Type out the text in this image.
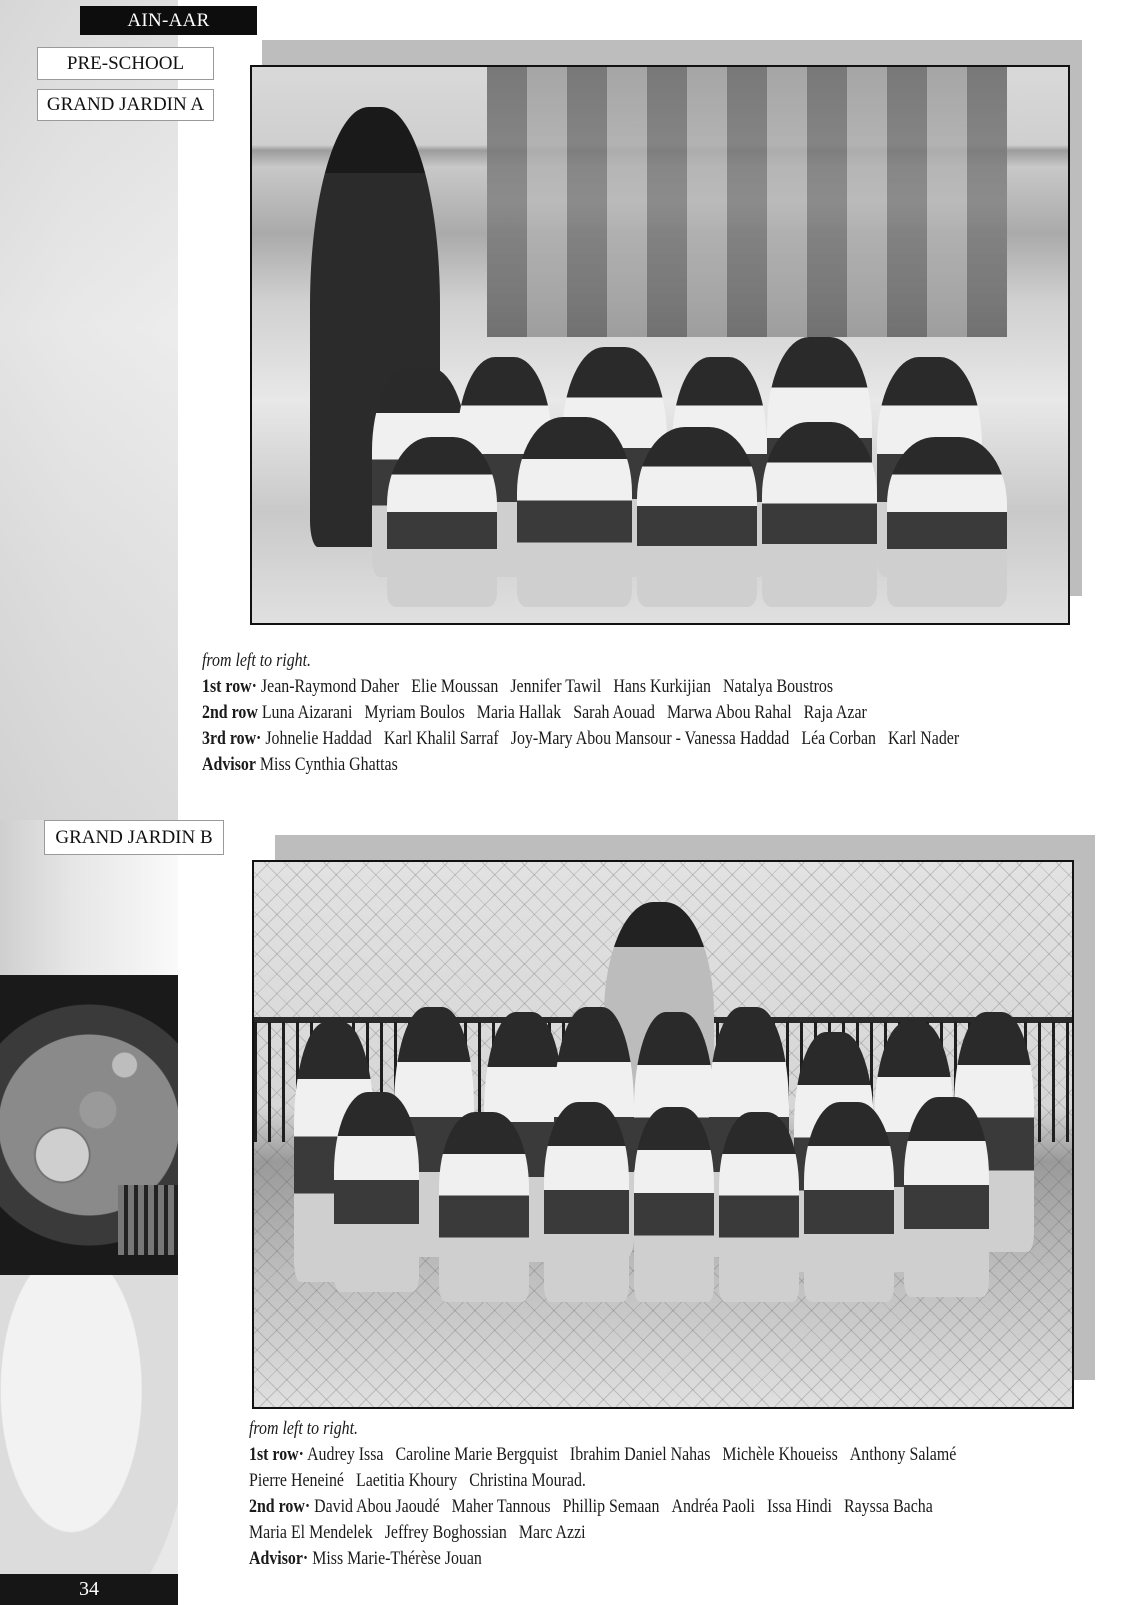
AIN-AAR
PRE-SCHOOL
GRAND JARDIN A
from left to right.
1st row· Jean-Raymond Daher Elie Moussan Jennifer Tawil Hans Kurkijian Natalya Boustros
2nd row Luna Aizarani Myriam Boulos Maria Hallak Sarah Aouad Marwa Abou Rahal Raja Azar
3rd row· Johnelie Haddad Karl Khalil Sarraf Joy-Mary Abou Mansour - Vanessa Haddad Léa Corban Karl Nader
Advisor Miss Cynthia Ghattas
GRAND JARDIN B
from left to right.
1st row· Audrey Issa Caroline Marie Bergquist Ibrahim Daniel Nahas Michèle Khoueiss Anthony Salamé
Pierre Heneiné Laetitia Khoury Christina Mourad.
2nd row· David Abou Jaoudé Maher Tannous Phillip Semaan Andréa Paoli Issa Hindi Rayssa Bacha
Maria El Mendelek Jeffrey Boghossian Marc Azzi
Advisor· Miss Marie-Thérèse Jouan
34
